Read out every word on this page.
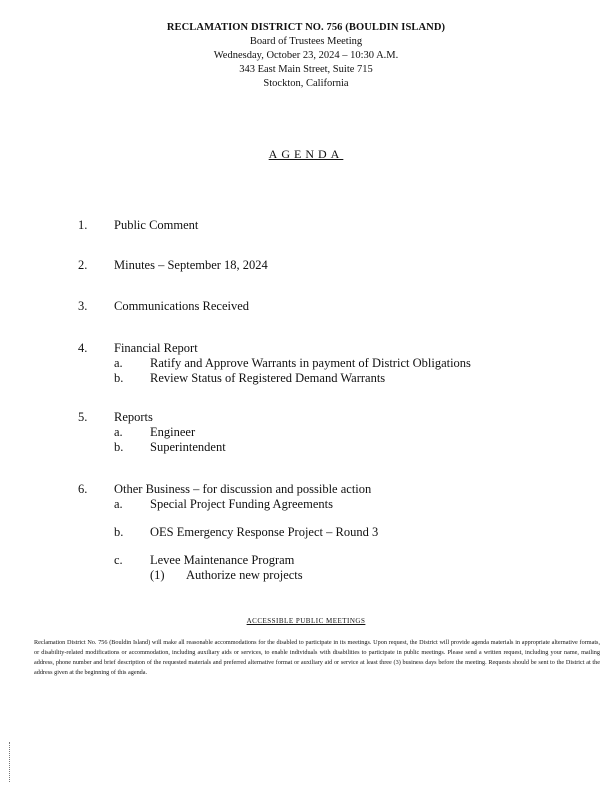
RECLAMATION DISTRICT NO. 756 (BOULDIN ISLAND)
Board of Trustees Meeting
Wednesday, October 23, 2024 – 10:30 A.M.
343 East Main Street, Suite 715
Stockton, California
AGENDA
1. Public Comment
2. Minutes – September 18, 2024
3. Communications Received
4. Financial Report
a. Ratify and Approve Warrants in payment of District Obligations
b. Review Status of Registered Demand Warrants
5. Reports
a. Engineer
b. Superintendent
6. Other Business – for discussion and possible action
a. Special Project Funding Agreements
b. OES Emergency Response Project – Round 3
c. Levee Maintenance Program
(1) Authorize new projects
ACCESSIBLE PUBLIC MEETINGS
Reclamation District No. 756 (Bouldin Island) will make all reasonable accommodations for the disabled to participate in its meetings. Upon request, the District will provide agenda materials in appropriate alternative formats, or disability-related modifications or accommodation, including auxiliary aids or services, to enable individuals with disabilities to participate in public meetings. Please send a written request, including your name, mailing address, phone number and brief description of the requested materials and preferred alternative format or auxiliary aid or service at least three (3) business days before the meeting. Requests should be sent to the District at the address given at the beginning of this agenda.
